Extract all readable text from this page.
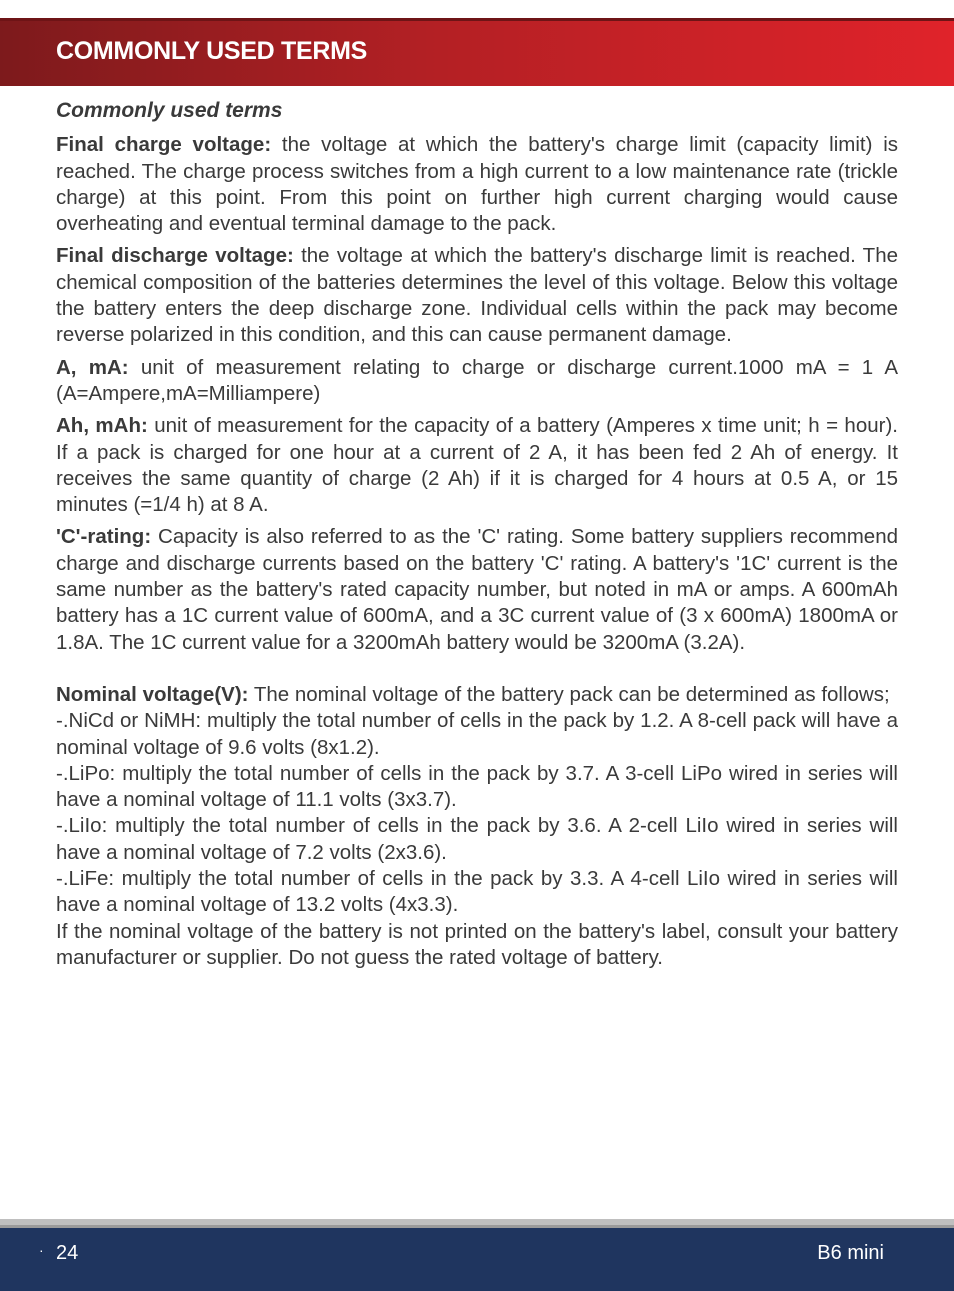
COMMONLY USED TERMS

Commonly used terms

Final charge voltage: the voltage at which the battery's charge limit (capacity limit) is reached. The charge process switches from a high current to a low maintenance rate (trickle charge) at this point. From this point on further high current charging would cause overheating and eventual terminal damage to the pack.

Final discharge voltage: the voltage at which the battery's discharge limit is reached. The chemical composition of the batteries determines the level of this voltage. Below this voltage the battery enters the deep discharge zone. Individual cells within the pack may become reverse polarized in this condition, and this can cause permanent damage.

A, mA: unit of measurement relating to charge or discharge current.1000 mA = 1 A (A=Ampere,mA=Milliampere)

Ah, mAh: unit of measurement for the capacity of a battery (Amperes x time unit; h = hour). If a pack is charged for one hour at a current of 2 A, it has been fed 2 Ah of energy. It receives the same quantity of charge (2 Ah) if it is charged for 4 hours at 0.5 A, or 15 minutes (=1/4 h) at 8 A.

'C'-rating: Capacity is also referred to as the 'C' rating. Some battery suppliers recommend charge and discharge currents based on the battery 'C' rating. A battery's '1C' current is the same number as the battery's rated capacity number, but noted in mA or amps. A 600mAh battery has a 1C current value of 600mA, and a 3C current value of (3 x 600mA) 1800mA or 1.8A. The 1C current value for a 3200mAh battery would be 3200mA (3.2A).

Nominal voltage(V): The nominal voltage of the battery pack can be determined as follows;

-.NiCd or NiMH: multiply the total number of cells in the pack by 1.2. A 8-cell pack will have a nominal voltage of 9.6 volts (8x1.2).

-.LiPo: multiply the total number of cells in the pack by 3.7. A 3-cell LiPo wired in series will have a nominal voltage of 11.1 volts (3x3.7).

-.LiIo: multiply the total number of cells in the pack by 3.6. A 2-cell LiIo wired in series will have a nominal voltage of 7.2 volts (2x3.6).

-.LiFe: multiply the total number of cells in the pack by 3.3. A 4-cell LiIo wired in series will have a nominal voltage of 13.2 volts (4x3.3).

If the nominal voltage of the battery is not printed on the battery's label, consult your battery manufacturer or supplier. Do not guess the rated voltage of battery.

· 24	B6 mini
